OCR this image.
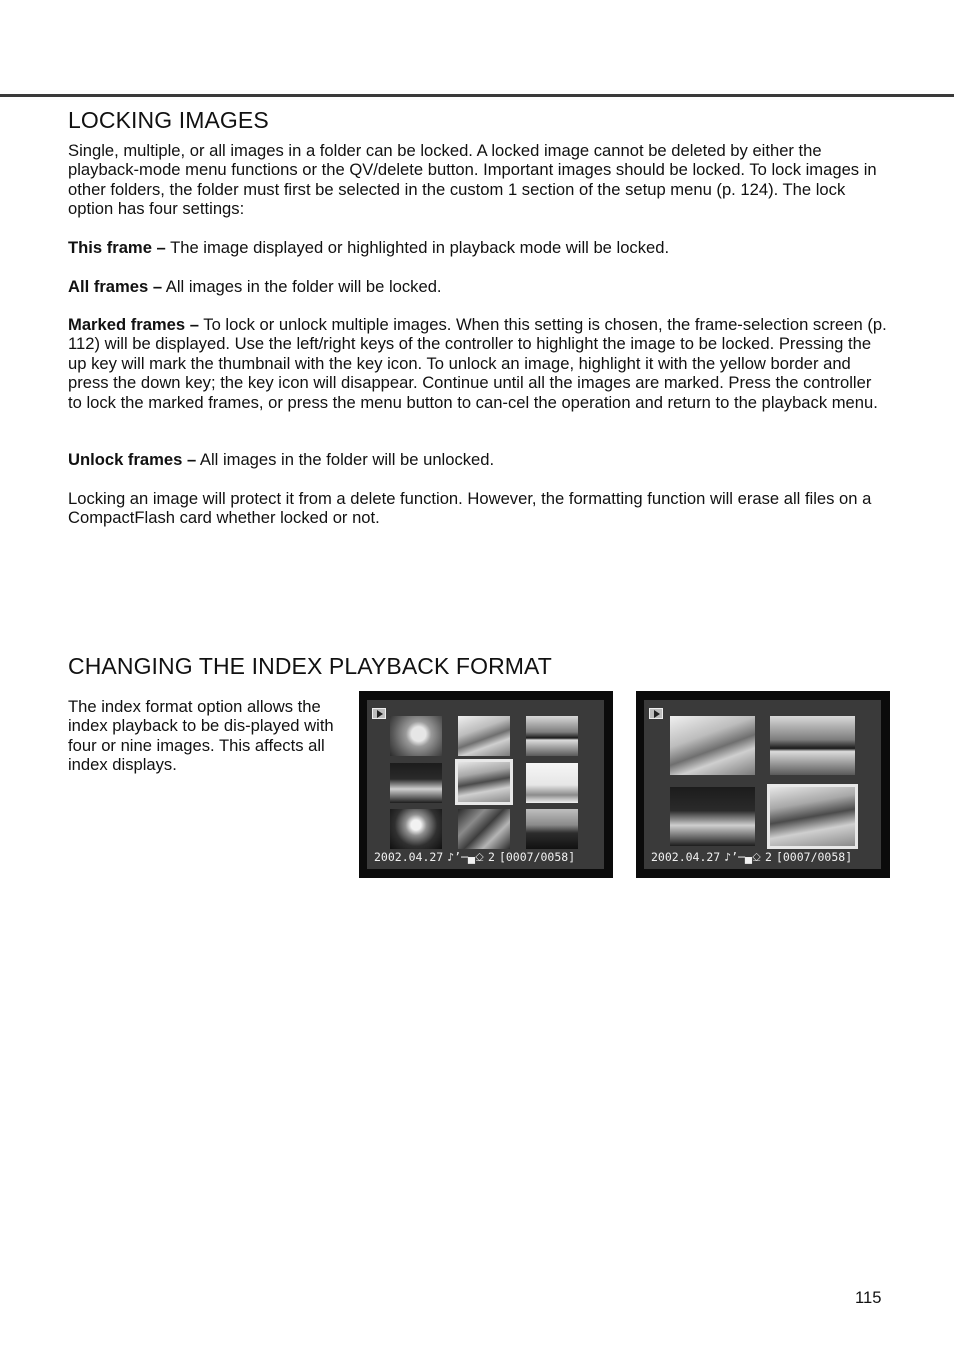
LOCKING IMAGES

Single, multiple, or all images in a folder can be locked. A locked image cannot be deleted by either the playback-mode menu functions or the QV/delete button. Important images should be locked. To lock images in other folders, the folder must first be selected in the custom 1 section of the setup menu (p. 124). The lock option has four settings:

This frame – The image displayed or highlighted in playback mode will be locked.

All frames – All images in the folder will be locked.

Marked frames – To lock or unlock multiple images. When this setting is chosen, the frame-selection screen (p. 112) will be displayed. Use the left/right keys of the controller to highlight the image to be locked. Pressing the up key will mark the thumbnail with the key icon. To unlock an image, highlight it with the yellow border and press the down key; the key icon will disappear. Continue until all the images are marked. Press the controller to lock the marked frames, or press the menu button to can-cel the operation and return to the playback menu.

Unlock frames – All images in the folder will be unlocked.

Locking an image will protect it from a delete function. However, the formatting function will erase all files on a CompactFlash card whether locked or not.

CHANGING THE INDEX PLAYBACK FORMAT

The index format option allows the index playback to be dis-played with four or nine images. This affects all index displays.

2002.04.27 ♪’─▄⎐ 2 [0007/0058]	2002.04.27 ♪’─▄⎐ 2 [0007/0058]
115
